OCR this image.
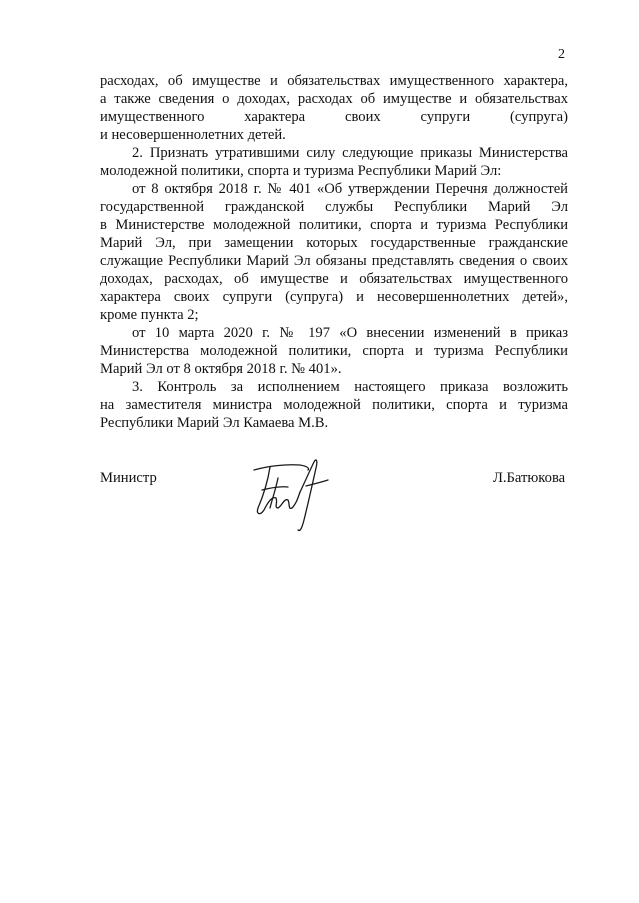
2
расходах, об имуществе и обязательствах имущественного характера,
а также сведения о доходах, расходах об имуществе и обязательствах
имущественного характера своих супруги (супруга)
и несовершеннолетних детей.
2. Признать утратившими силу следующие приказы Министерства
молодежной политики, спорта и туризма Республики Марий Эл:
от 8 октября 2018 г. № 401 «Об утверждении Перечня должностей
государственной гражданской службы Республики Марий Эл
в Министерстве молодежной политики, спорта и туризма Республики
Марий Эл, при замещении которых государственные гражданские
служащие Республики Марий Эл обязаны представлять сведения о своих
доходах, расходах, об имуществе и обязательствах имущественного
характера своих супруги (супруга) и несовершеннолетних детей»,
кроме пункта 2;
от 10 марта 2020 г. № 197 «О внесении изменений в приказ
Министерства молодежной политики, спорта и туризма Республики
Марий Эл от 8 октября 2018 г. № 401».
3. Контроль за исполнением настоящего приказа возложить
на заместителя министра молодежной политики, спорта и туризма
Республики Марий Эл Камаева М.В.
Министр	Л.Батюкова
